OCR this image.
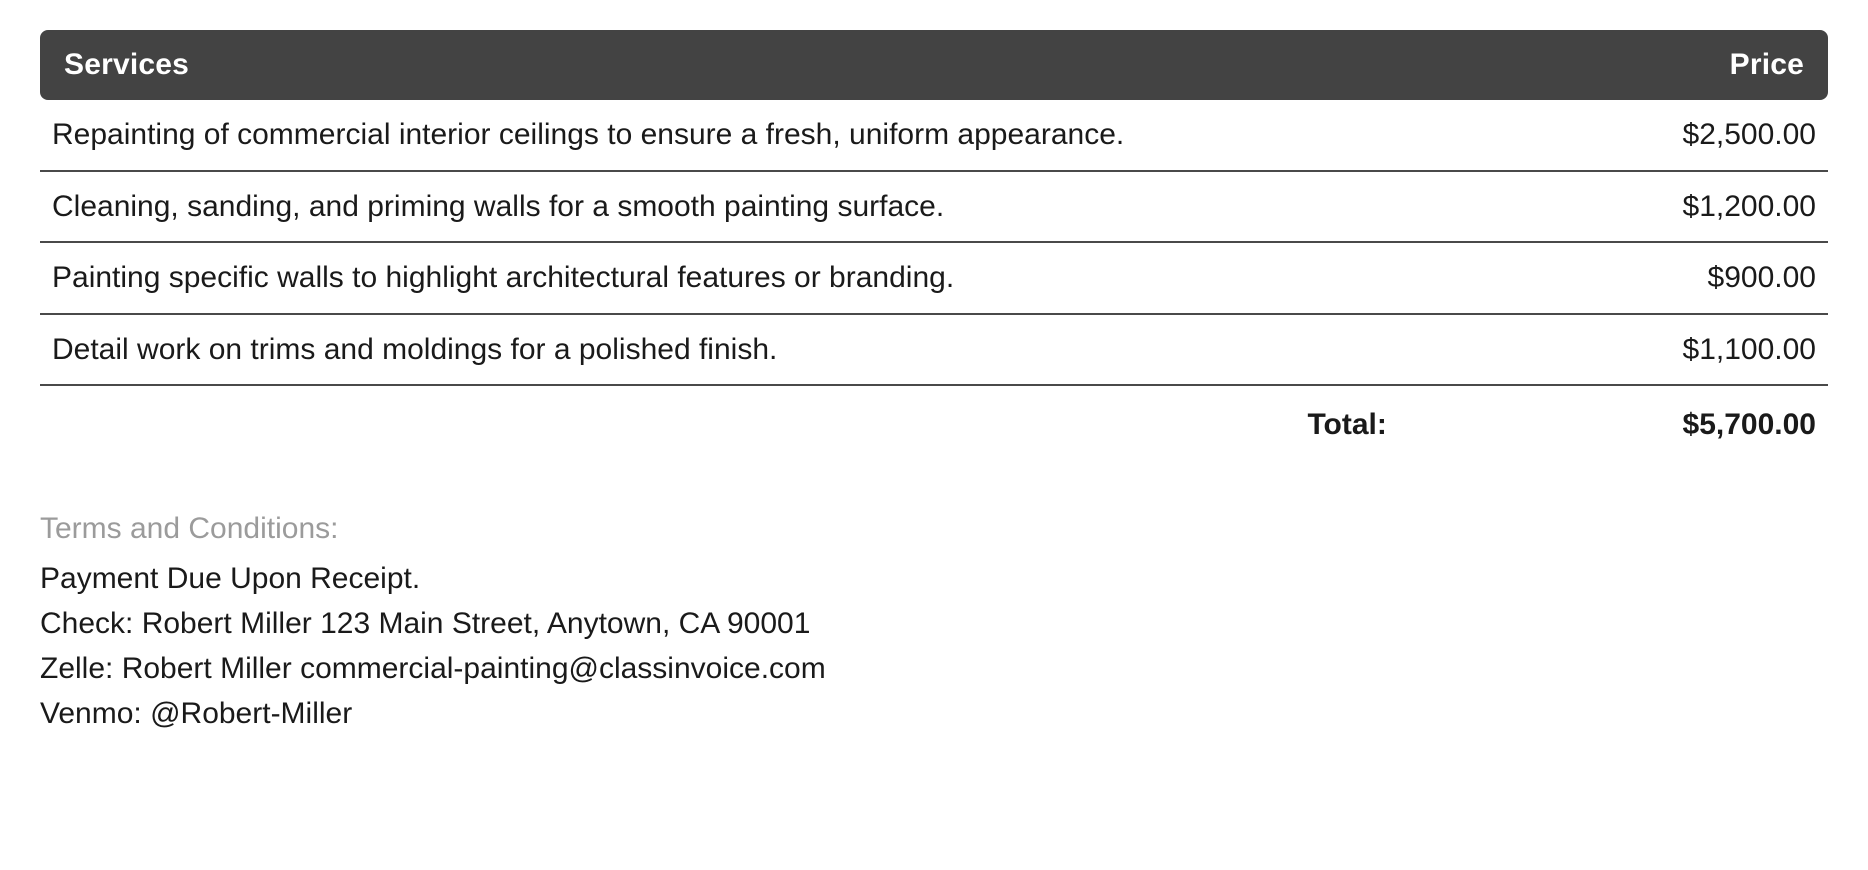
Services	Price
Repainting of commercial interior ceilings to ensure a fresh, uniform appearance.	$2,500.00
Cleaning, sanding, and priming walls for a smooth painting surface.	$1,200.00
Painting specific walls to highlight architectural features or branding.	$900.00
Detail work on trims and moldings for a polished finish.	$1,100.00
Total:	$5,700.00
Terms and Conditions:
Payment Due Upon Receipt.
Check: Robert Miller 123 Main Street, Anytown, CA 90001
Zelle: Robert Miller commercial-painting@classinvoice.com
Venmo: @Robert-Miller
